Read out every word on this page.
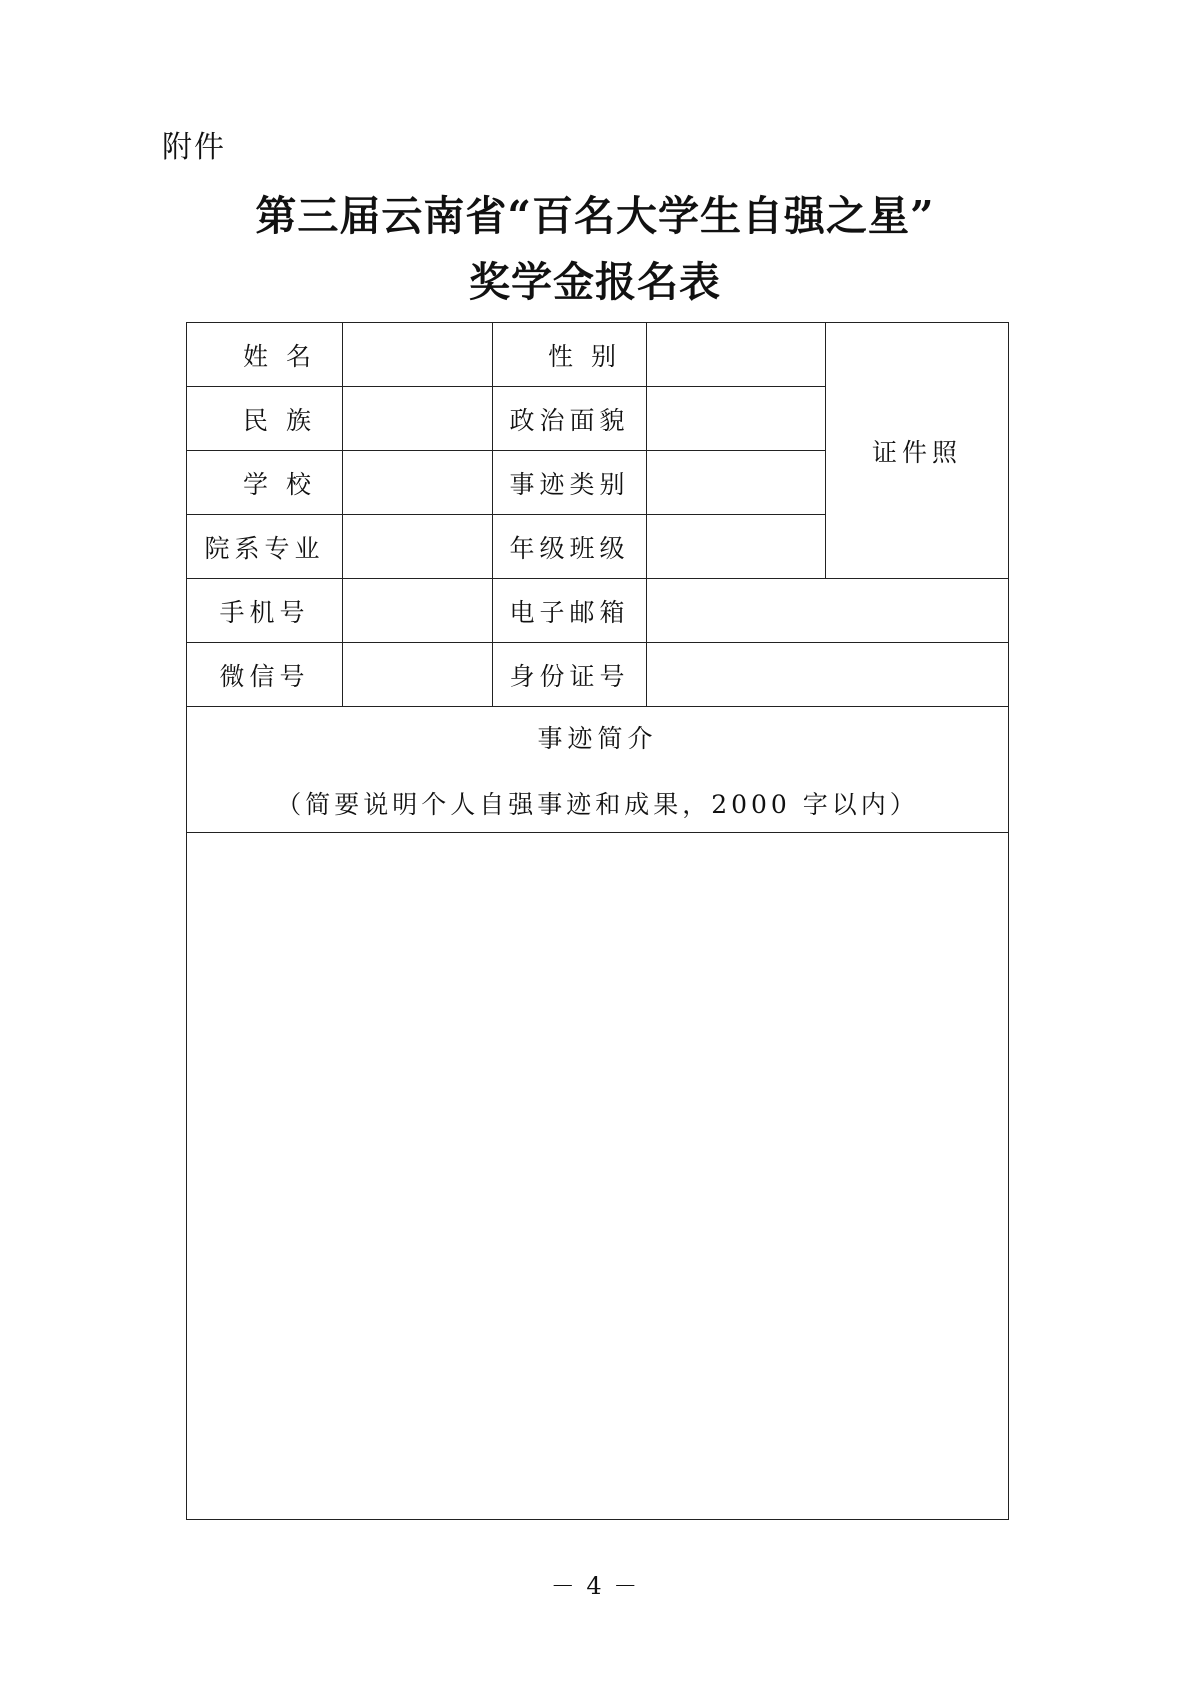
附件
第三届云南省“百名大学生自强之星”
奖学金报名表
姓 名		性 别		证件照
民 族		政治面貌		
学 校		事迹类别		
院系专业		年级班级		
手机号		电子邮箱		
微信号		身份证号		

事迹简介
（简要说明个人自强事迹和成果，2000 字以内）				

－ 4 －
